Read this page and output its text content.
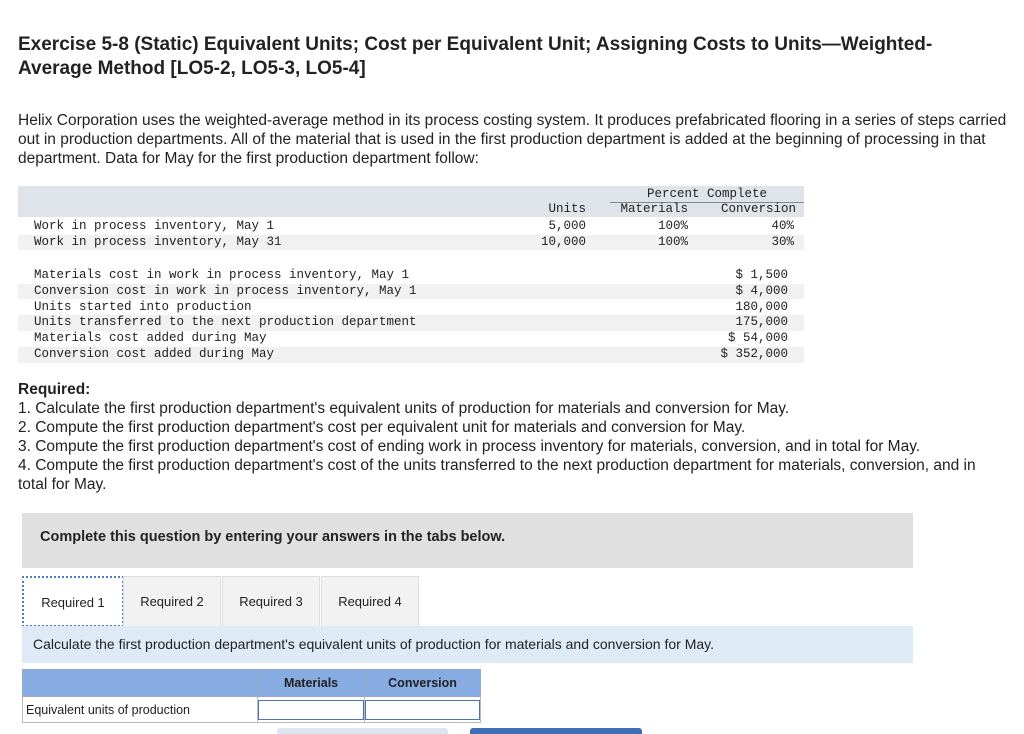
Exercise 5-8 (Static) Equivalent Units; Cost per Equivalent Unit; Assigning Costs to Units—Weighted-Average Method [LO5-2, LO5-3, LO5-4]
Helix Corporation uses the weighted-average method in its process costing system. It produces prefabricated flooring in a series of steps carried out in production departments. All of the material that is used in the first production department is added at the beginning of processing in that department. Data for May for the first production department follow:
Percent Complete
Units	Materials	Conversion
Work in process inventory, May 1	5,000	100%	40%
Work in process inventory, May 31	10,000	100%	30%
Materials cost in work in process inventory, May 1	$ 1,500
Conversion cost in work in process inventory, May 1	$ 4,000
Units started into production	180,000
Units transferred to the next production department	175,000
Materials cost added during May	$ 54,000
Conversion cost added during May	$ 352,000
Required:
1. Calculate the first production department's equivalent units of production for materials and conversion for May.
2. Compute the first production department's cost per equivalent unit for materials and conversion for May.
3. Compute the first production department's cost of ending work in process inventory for materials, conversion, and in total for May.
4. Compute the first production department's cost of the units transferred to the next production department for materials, conversion, and in total for May.
Complete this question by entering your answers in the tabs below.
Required 1	Required 2	Required 3	Required 4
Calculate the first production department's equivalent units of production for materials and conversion for May.
	Materials	Conversion
Equivalent units of production	
